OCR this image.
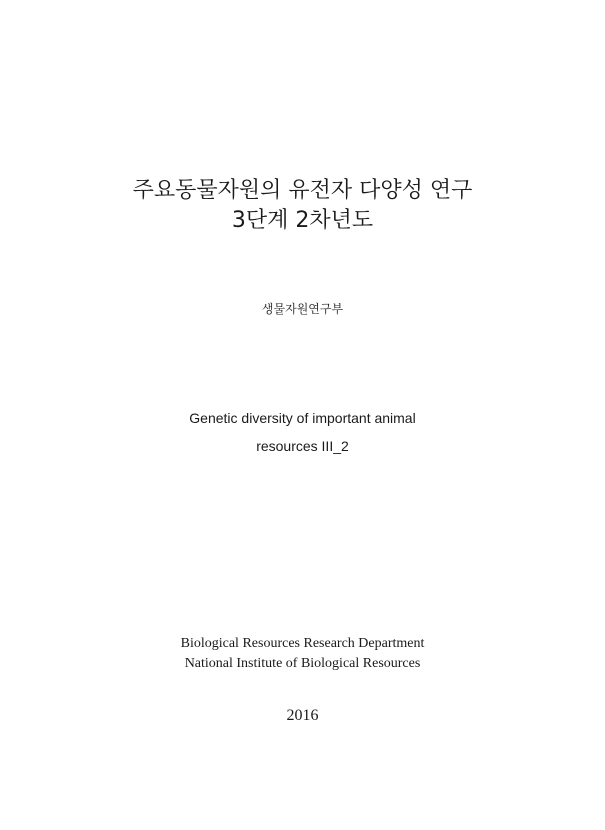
주요동물자원의 유전자 다양성 연구
3단계 2차년도

생물자원연구부

Genetic diversity of important animal
resources III_2
Biological Resources Research Department
National Institute of Biological Resources

2016
